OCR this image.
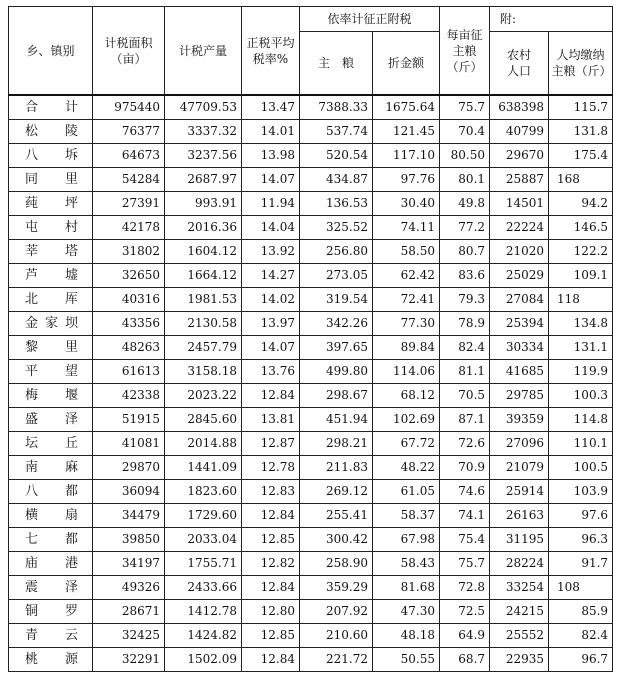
乡、镇别	计税面积（亩）	计税产量	正税平均税率%	依率计征正附税		每亩征主粮（斤）	附:	
				主　粮	折金额		农村人口	人均缴纳主粮（斤）
合　计	975440	47709.53	13.47	7388.33	1675.64	75.7	638398	115.7
松　陵	76377	3337.32	14.01	537.74	121.45	70.4	40799	131.8
八　坼	64673	3237.56	13.98	520.54	117.10	80.50	29670	175.4
同　里	54284	2687.97	14.07	434.87	97.76	80.1	25887	168
莼　坪	27391	993.91	11.94	136.53	30.40	49.8	14501	94.2
屯　村	42178	2016.36	14.04	325.52	74.11	77.2	22224	146.5
莘　塔	31802	1604.12	13.92	256.80	58.50	80.7	21020	122.2
芦　墟	32650	1664.12	14.27	273.05	62.42	83.6	25029	109.1
北　厍	40316	1981.53	14.02	319.54	72.41	79.3	27084	118
金家坝	43356	2130.58	13.97	342.26	77.30	78.9	25394	134.8
黎　里	48263	2457.79	14.07	397.65	89.84	82.4	30334	131.1
平　望	61613	3158.18	13.76	499.80	114.06	81.1	41685	119.9
梅　堰	42338	2023.22	12.84	298.67	68.12	70.5	29785	100.3
盛　泽	51915	2845.60	13.81	451.94	102.69	87.1	39359	114.8
坛　丘	41081	2014.88	12.87	298.21	67.72	72.6	27096	110.1
南　麻	29870	1441.09	12.78	211.83	48.22	70.9	21079	100.5
八　都	36094	1823.60	12.83	269.12	61.05	74.6	25914	103.9
横　扇	34479	1729.60	12.84	255.41	58.37	74.1	26163	97.6
七　都	39850	2033.04	12.85	300.42	67.98	75.4	31195	96.3
庙　港	34197	1755.71	12.82	258.90	58.43	75.7	28224	91.7
震　泽	49326	2433.66	12.84	359.29	81.68	72.8	33254	108
铜　罗	28671	1412.78	12.80	207.92	47.30	72.5	24215	85.9
青　云	32425	1424.82	12.85	210.60	48.18	64.9	25552	82.4
桃　源	32291	1502.09	12.84	221.72	50.55	68.7	22935	96.7
